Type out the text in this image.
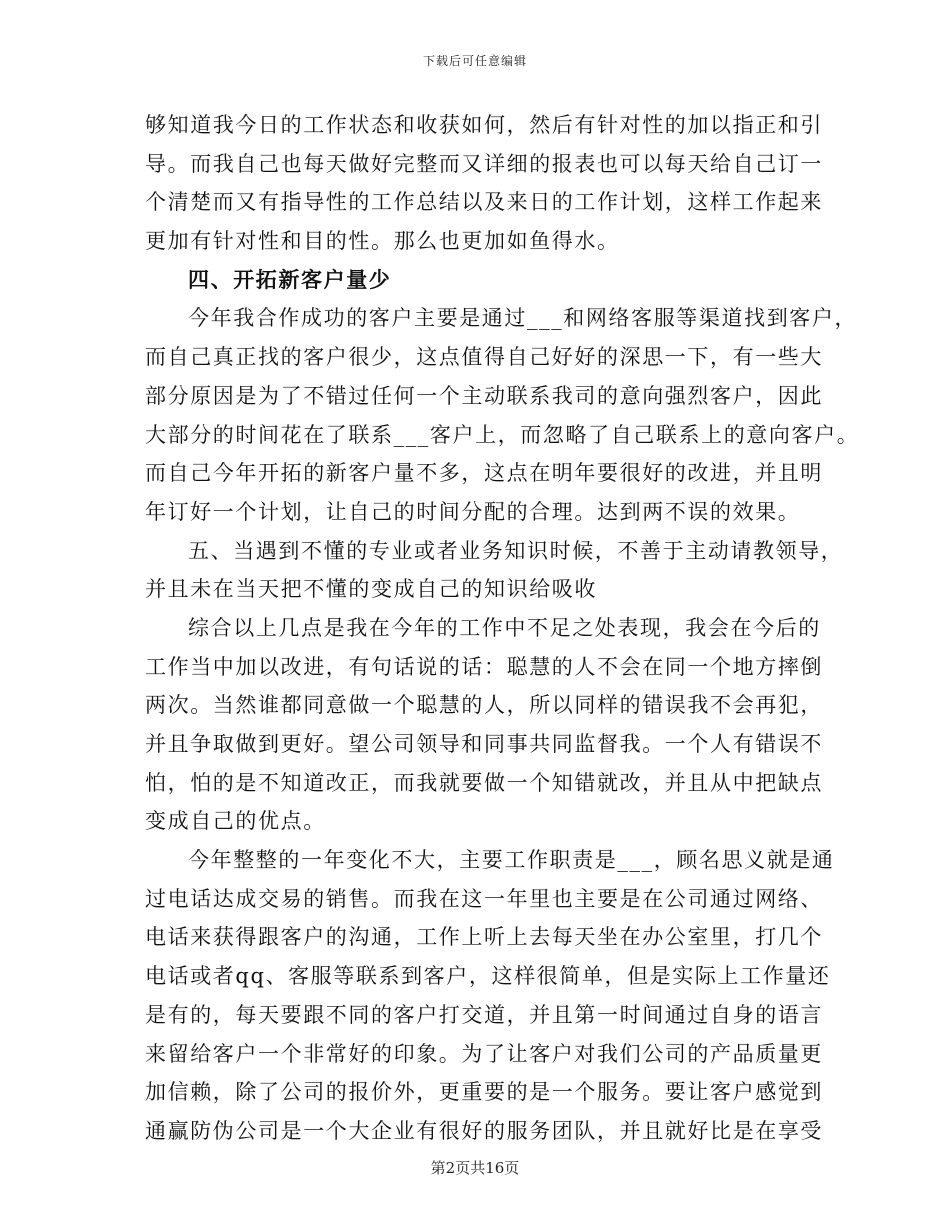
下载后可任意编辑
够知道我今日的工作状态和收获如何，然后有针对性的加以指正和引
导。而我自己也每天做好完整而又详细的报表也可以每天给自己订一
个清楚而又有指导性的工作总结以及来日的工作计划，这样工作起来
更加有针对性和目的性。那么也更加如鱼得水。
四、开拓新客户量少
今年我合作成功的客户主要是通过___和网络客服等渠道找到客户，
而自己真正找的客户很少，这点值得自己好好的深思一下，有一些大
部分原因是为了不错过任何一个主动联系我司的意向强烈客户，因此
大部分的时间花在了联系___客户上，而忽略了自己联系上的意向客户。
而自己今年开拓的新客户量不多，这点在明年要很好的改进，并且明
年订好一个计划，让自己的时间分配的合理。达到两不误的效果。
五、当遇到不懂的专业或者业务知识时候，不善于主动请教领导，
并且未在当天把不懂的变成自己的知识给吸收
综合以上几点是我在今年的工作中不足之处表现，我会在今后的
工作当中加以改进，有句话说的话：聪慧的人不会在同一个地方摔倒
两次。当然谁都同意做一个聪慧的人，所以同样的错误我不会再犯，
并且争取做到更好。望公司领导和同事共同监督我。一个人有错误不
怕，怕的是不知道改正，而我就要做一个知错就改，并且从中把缺点
变成自己的优点。
今年整整的一年变化不大，主要工作职责是___，顾名思义就是通
过电话达成交易的销售。而我在这一年里也主要是在公司通过网络、
电话来获得跟客户的沟通，工作上听上去每天坐在办公室里，打几个
电话或者qq、客服等联系到客户，这样很简单，但是实际上工作量还
是有的，每天要跟不同的客户打交道，并且第一时间通过自身的语言
来留给客户一个非常好的印象。为了让客户对我们公司的产品质量更
加信赖，除了公司的报价外，更重要的是一个服务。要让客户感觉到
通赢防伪公司是一个大企业有很好的服务团队，并且就好比是在享受
第2页共16页
